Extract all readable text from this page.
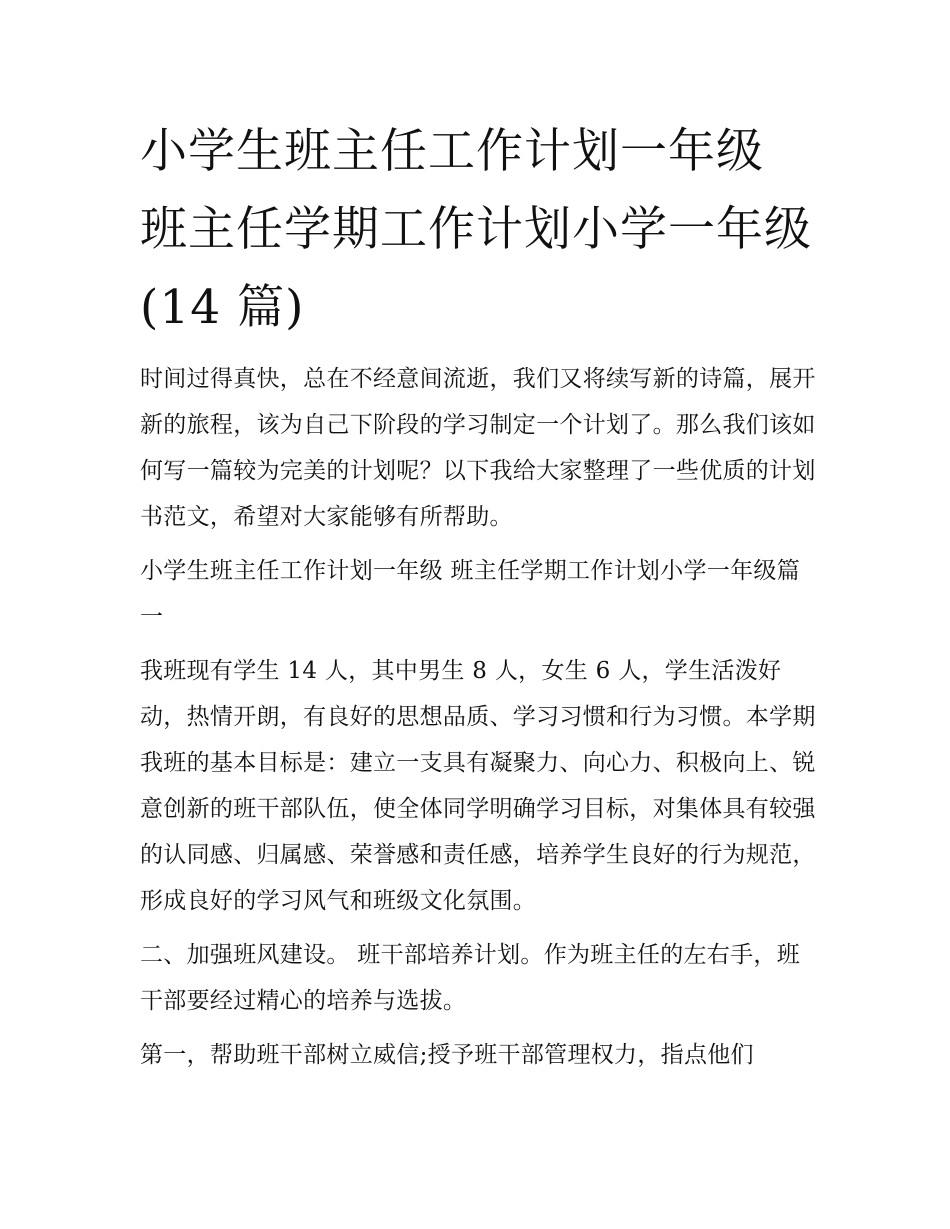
小学生班主任工作计划一年级 班主任学期工作计划小学一年级(14 篇)

时间过得真快，总在不经意间流逝，我们又将续写新的诗篇，展开新的旅程，该为自己下阶段的学习制定一个计划了。那么我们该如何写一篇较为完美的计划呢？以下我给大家整理了一些优质的计划书范文，希望对大家能够有所帮助。

小学生班主任工作计划一年级 班主任学期工作计划小学一年级篇一

我班现有学生 14 人，其中男生 8 人，女生 6 人，学生活泼好动，热情开朗，有良好的思想品质、学习习惯和行为习惯。本学期我班的基本目标是：建立一支具有凝聚力、向心力、积极向上、锐意创新的班干部队伍，使全体同学明确学习目标，对集体具有较强的认同感、归属感、荣誉感和责任感，培养学生良好的行为规范，形成良好的学习风气和班级文化氛围。

二、加强班风建设。 班干部培养计划。作为班主任的左右手，班干部要经过精心的培养与选拔。

第一，帮助班干部树立威信;授予班干部管理权力，指点他们
